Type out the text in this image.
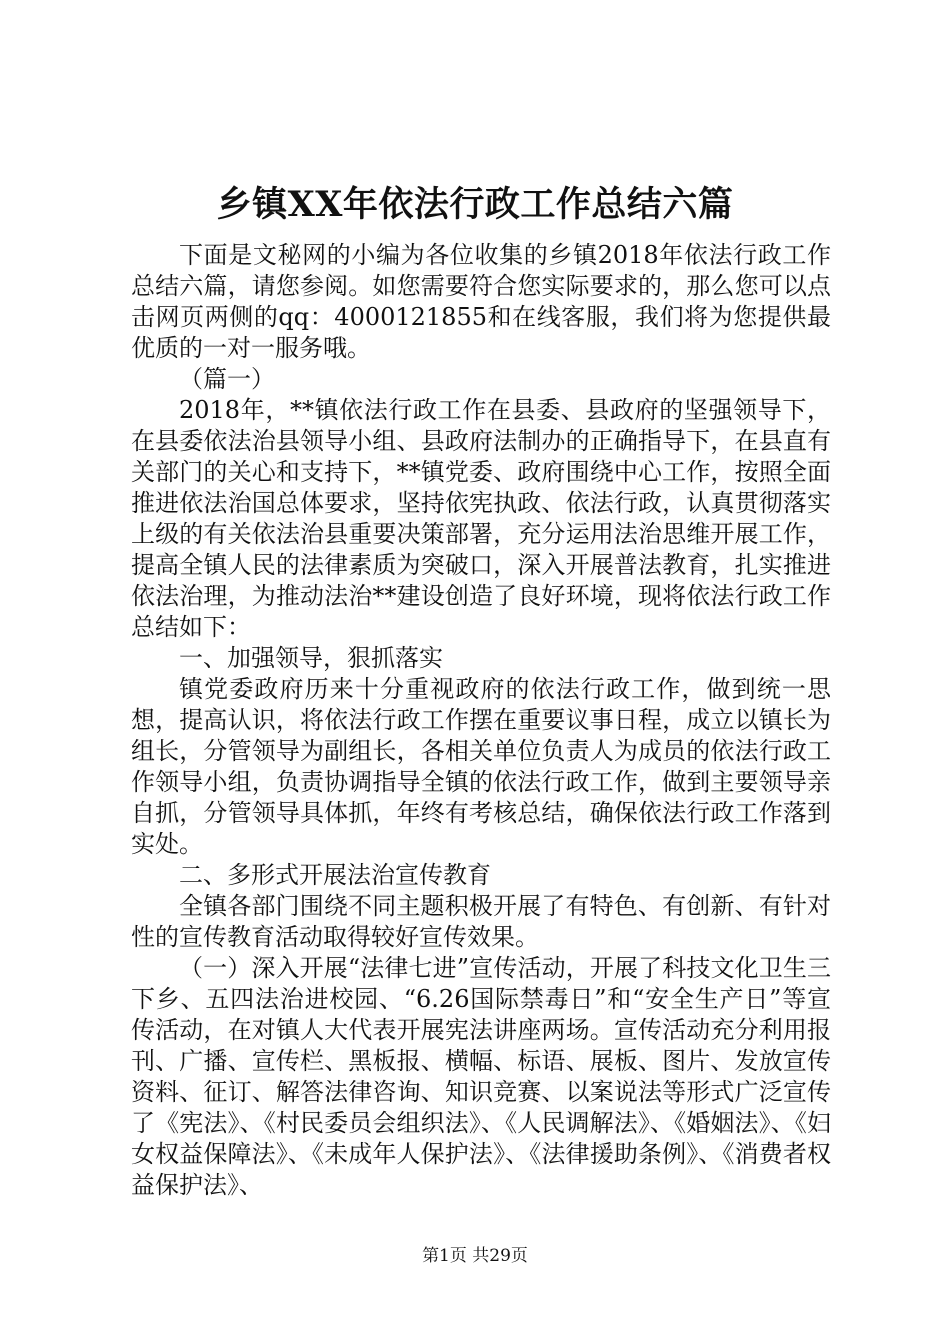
乡镇XX年依法行政工作总结六篇

下面是文秘网的小编为各位收集的乡镇2018年依法行政工作总结六篇，请您参阅。如您需要符合您实际要求的，那么您可以点击网页两侧的qq：4000121855和在线客服，我们将为您提供最优质的一对一服务哦。

（篇一）

2018年，**镇依法行政工作在县委、县政府的坚强领导下，在县委依法治县领导小组、县政府法制办的正确指导下，在县直有关部门的关心和支持下，**镇党委、政府围绕中心工作，按照全面推进依法治国总体要求，坚持依宪执政、依法行政，认真贯彻落实上级的有关依法治县重要决策部署，充分运用法治思维开展工作，提高全镇人民的法律素质为突破口，深入开展普法教育，扎实推进依法治理，为推动法治**建设创造了良好环境，现将依法行政工作总结如下：

一、加强领导，狠抓落实

镇党委政府历来十分重视政府的依法行政工作，做到统一思想，提高认识，将依法行政工作摆在重要议事日程，成立以镇长为组长，分管领导为副组长，各相关单位负责人为成员的依法行政工作领导小组，负责协调指导全镇的依法行政工作，做到主要领导亲自抓，分管领导具体抓，年终有考核总结，确保依法行政工作落到实处。

二、多形式开展法治宣传教育

全镇各部门围绕不同主题积极开展了有特色、有创新、有针对性的宣传教育活动取得较好宣传效果。

（一）深入开展“法律七进”宣传活动，开展了科技文化卫生三下乡、五四法治进校园、“6.26国际禁毒日”和“安全生产日”等宣传活动，在对镇人大代表开展宪法讲座两场。宣传活动充分利用报刊、广播、宣传栏、黑板报、横幅、标语、展板、图片、发放宣传资料、征订、解答法律咨询、知识竞赛、以案说法等形式广泛宣传了《宪法》、《村民委员会组织法》、《人民调解法》、《婚姻法》、《妇女权益保障法》、《未成年人保护法》、《法律援助条例》、《消费者权益保护法》、

第1页 共29页
